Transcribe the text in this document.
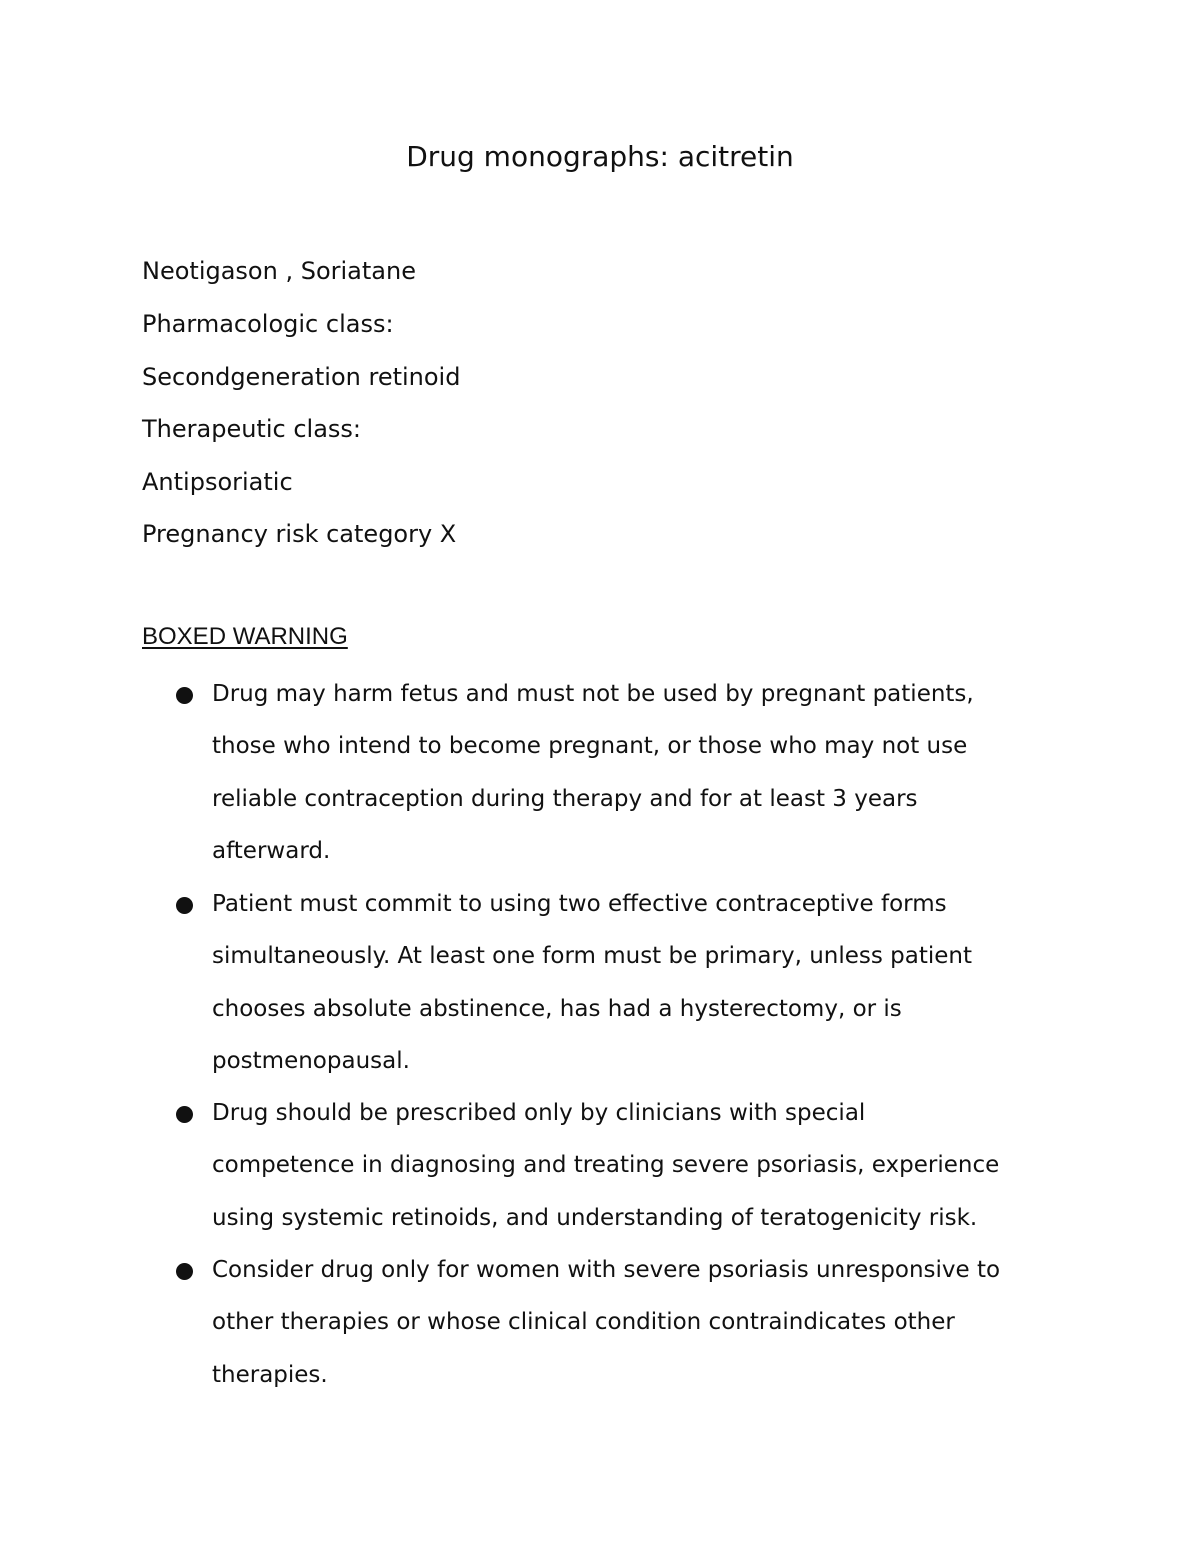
Drug monographs: acitretin

Neotigason , Soriatane

Pharmacologic class:

Secondgeneration retinoid

Therapeutic class:

Antipsoriatic

Pregnancy risk category X

BOXED WARNING

Drug may harm fetus and must not be used by pregnant patients,
those who intend to become pregnant, or those who may not use
reliable contraception during therapy and for at least 3 years
afterward.

Patient must commit to using two effective contraceptive forms
simultaneously. At least one form must be primary, unless patient
chooses absolute abstinence, has had a hysterectomy, or is
postmenopausal.

Drug should be prescribed only by clinicians with special
competence in diagnosing and treating severe psoriasis, experience
using systemic retinoids, and understanding of teratogenicity risk.

Consider drug only for women with severe psoriasis unresponsive to
other therapies or whose clinical condition contraindicates other
therapies.
